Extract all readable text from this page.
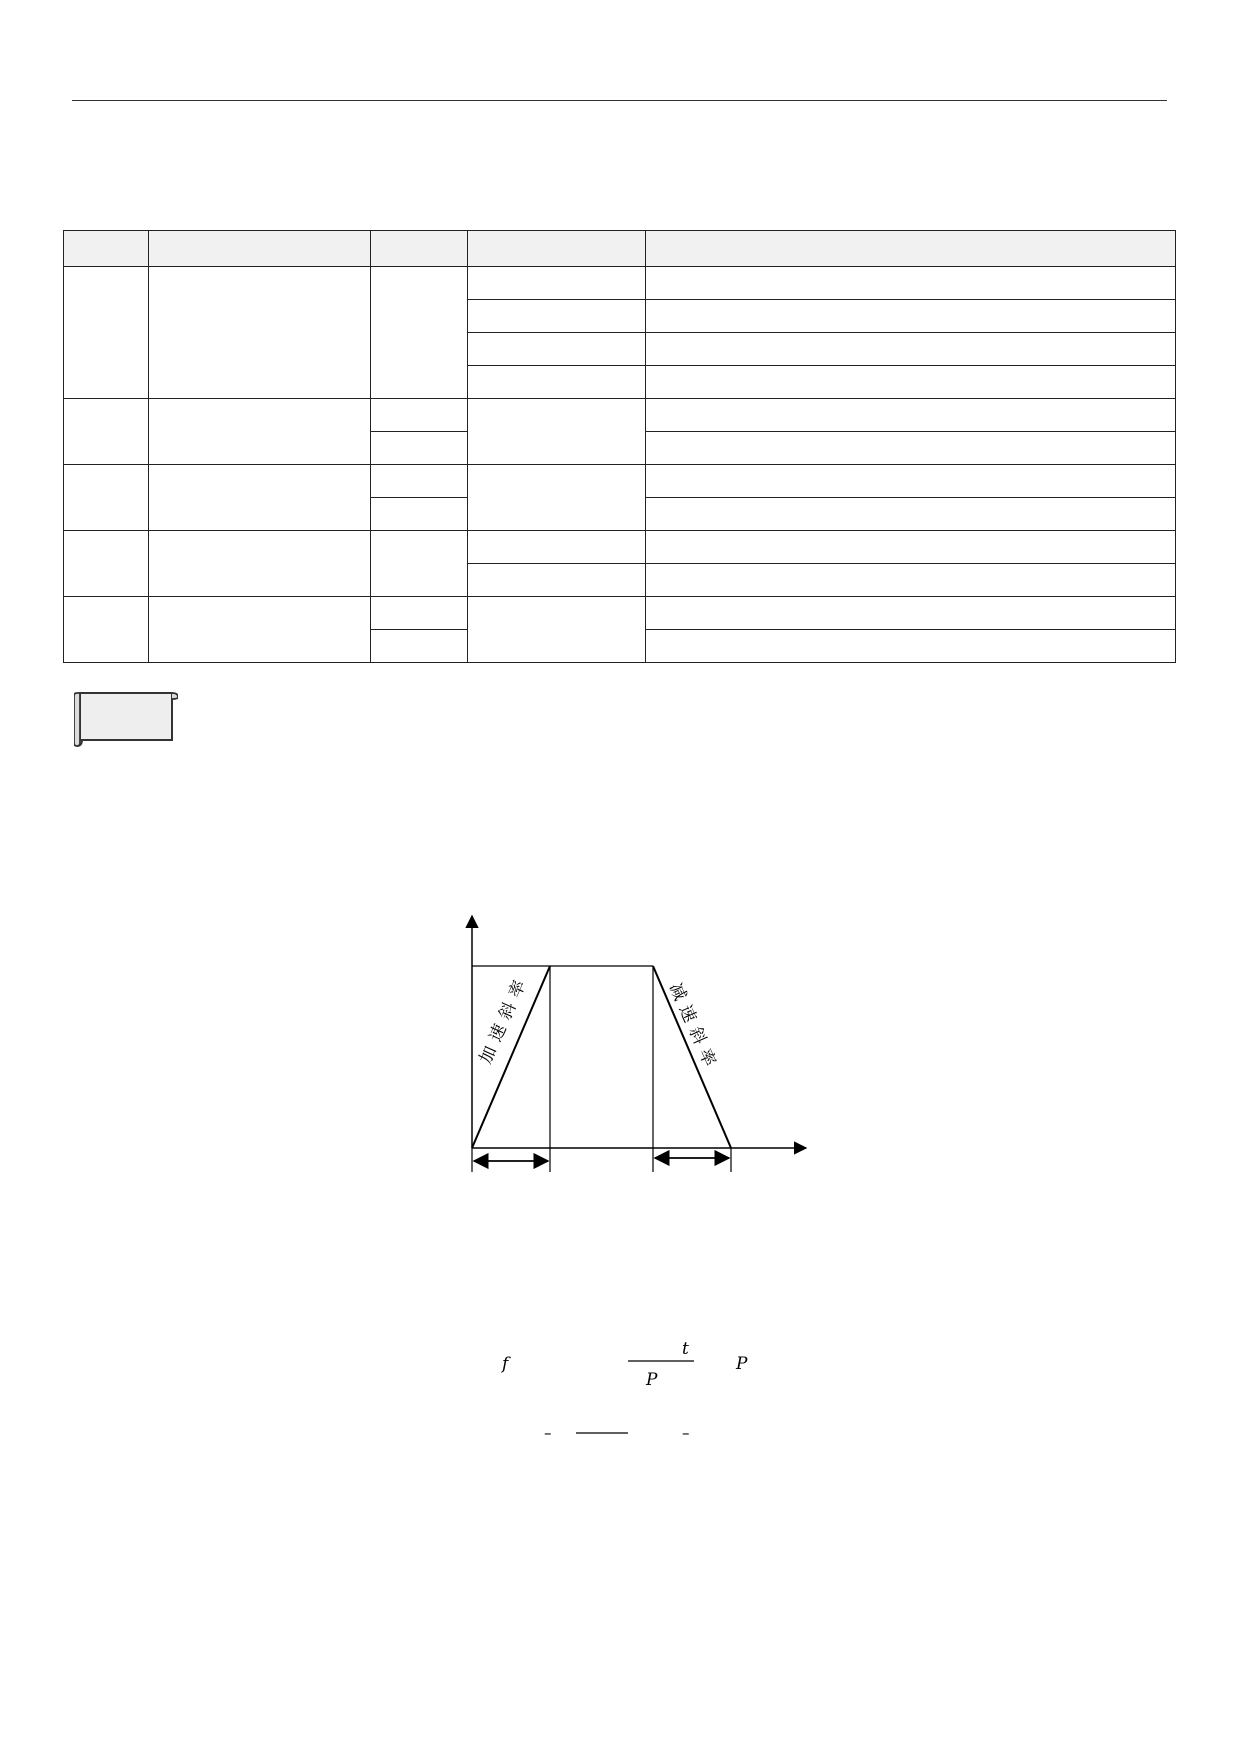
加
速
斜
率	减
速
斜
率
f
t
P
P
–	–
